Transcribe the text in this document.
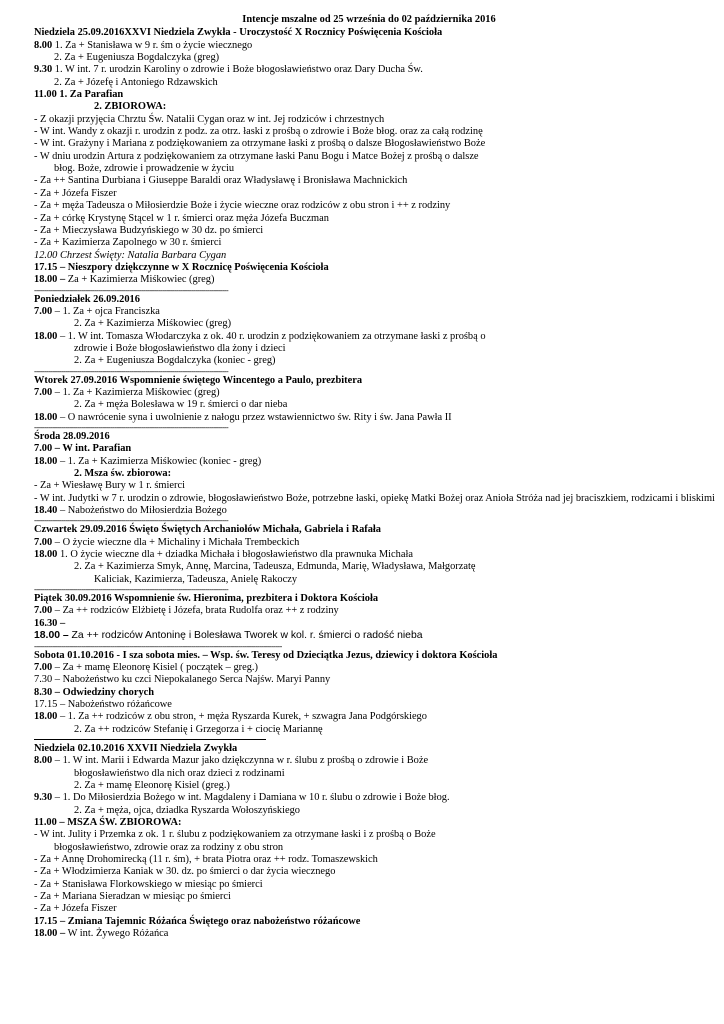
Intencje mszalne od 25 września do 02 października 2016
Niedziela 25.09.2016XXVI Niedziela Zwykła - Uroczystość X Rocznicy Poświęcenia Kościoła
8.00 1. Za + Stanisława w 9 r. śm o życie wiecznego
2. Za + Eugeniusza Bogdalczyka (greg)
9.30 1. W int. 7 r. urodzin Karoliny o zdrowie i Boże błogosławieństwo oraz Dary Ducha Św.
2. Za + Józefę i Antoniego Rdzawskich
11.00 1. Za Parafian
2. ZBIOROWA:
- Z okazji przyjęcia Chrztu Św. Natalii Cygan oraz w int. Jej rodziców i chrzestnych
- W int. Wandy z okazji r. urodzin z podz. za otrz. łaski z prośbą o zdrowie i Boże błog. oraz za całą rodzinę
- W int. Grażyny i Mariana z podziękowaniem za otrzymane łaski z prośbą o dalsze Błogosławieństwo Boże
- W dniu urodzin Artura z podziękowaniem za otrzymane łaski Panu Bogu i Matce Bożej z prośbą o dalsze
błog. Boże, zdrowie i prowadzenie w życiu
- Za ++ Santina Durbiana i Giuseppe Baraldi oraz Władysławę i Bronisława Machnickich
- Za + Józefa Fiszer
- Za + męża Tadeusza o Miłosierdzie Boże i życie wieczne oraz rodziców z obu stron i ++ z rodziny
- Za + córkę Krystynę Stącel w 1 r. śmierci oraz męża Józefa Buczman
- Za + Mieczysława Budzyńskiego w 30 dz. po śmierci
- Za + Kazimierza Zapolnego w 30 r. śmierci
12.00 Chrzest Święty: Natalia Barbara Cygan
17.15 – Nieszpory dziękczynne w X Rocznicę Poświęcenia Kościoła
18.00 – Za + Kazimierza Miśkowiec (greg)
----------------------------------------------------------------------------------------------
Poniedziałek 26.09.2016
7.00 – 1. Za + ojca Franciszka
2. Za + Kazimierza Miśkowiec (greg)
18.00 – 1. W int. Tomasza Włodarczyka z ok. 40 r. urodzin z podziękowaniem za otrzymane łaski z prośbą o
zdrowie i Boże błogosławieństwo dla żony i dzieci
2. Za + Eugeniusza Bogdalczyka (koniec - greg)
----------------------------------------------------------------------------------------------
Wtorek 27.09.2016 Wspomnienie świętego Wincentego a Paulo, prezbitera
7.00 – 1. Za + Kazimierza Miśkowiec (greg)
2. Za + męża Bolesława w 19 r. śmierci o dar nieba
18.00 – O nawrócenie syna i uwolnienie z nałogu przez wstawiennictwo św. Rity i św. Jana Pawła II
----------------------------------------------------------------------------------------------
Środa 28.09.2016
7.00 – W int. Parafian
18.00 – 1. Za + Kazimierza Miśkowiec (koniec - greg)
2. Msza św. zbiorowa:
- Za + Wiesławę Bury w 1 r. śmierci
- W int. Judytki w 7 r. urodzin o zdrowie, błogosławieństwo Boże, potrzebne łaski, opiekę Matki Bożej oraz Anioła Stróża nad jej braciszkiem, rodzicami i bliskimi
18.40 – Nabożeństwo do Miłosierdzia Bożego
----------------------------------------------------------------------------------------------
Czwartek 29.09.2016 Święto Świętych Archaniołów Michała, Gabriela i Rafała
7.00 – O życie wieczne dla + Michaliny i Michała Trembeckich
18.00 1. O życie wieczne dla + dziadka Michała i błogosławieństwo dla prawnuka Michała
2. Za + Kazimierza Smyk, Annę, Marcina, Tadeusza, Edmunda, Marię, Władysława, Małgorzatę
Kaliciak, Kazimierza, Tadeusza, Anielę Rakoczy
----------------------------------------------------------------------------------------------
Piątek 30.09.2016 Wspomnienie św. Hieronima, prezbitera i Doktora Kościoła
7.00 – Za ++ rodziców Elżbietę i Józefa, brata Rudolfa oraz ++ z rodziny
16.30 –
18.00 – Za ++ rodziców Antoninę i Bolesława Tworek w kol. r. śmierci o radość nieba
------------------------------------------------------------------------------------------------------------------------
Sobota 01.10.2016 - I sza sobota mies. – Wsp. św. Teresy od Dzieciątka Jezus, dziewicy i doktora Kościoła
7.00 – Za + mamę Eleonorę Kisiel ( początek – greg.)
7.30 – Nabożeństwo ku czci Niepokalanego Serca Najśw. Maryi Panny
8.30 – Odwiedziny chorych
17.15 – Nabożeństwo różańcowe
18.00 – 1. Za ++ rodziców z obu stron, + męża Ryszarda Kurek, + szwagra Jana Podgórskiego
2. Za ++ rodziców Stefanię i Grzegorza i + ciocię Mariannę
Niedziela 02.10.2016 XXVII Niedziela Zwykła
8.00 – 1. W int. Marii i Edwarda Mazur jako dziękczynna w r. ślubu z prośbą o zdrowie i Boże
błogosławieństwo dla nich oraz dzieci z rodzinami
2. Za + mamę Eleonorę Kisiel (greg.)
9.30 – 1. Do Miłosierdzia Bożego w int. Magdaleny i Damiana w 10 r. ślubu o zdrowie i Boże błog.
2. Za + męża, ojca, dziadka Ryszarda Wołoszyńskiego
11.00 – MSZA ŚW. ZBIOROWA:
- W int. Julity i Przemka z ok. 1 r. ślubu z podziękowaniem za otrzymane łaski i z prośbą o Boże
błogosławieństwo, zdrowie oraz za rodziny z obu stron
- Za + Annę Drohomirecką (11 r. śm), + brata Piotra oraz ++ rodz. Tomaszewskich
- Za + Włodzimierza Kaniak w 30. dz. po śmierci o dar życia wiecznego
- Za + Stanisława Florkowskiego w miesiąc po śmierci
- Za + Mariana Sieradzan w miesiąc po śmierci
- Za + Józefa Fiszer
17.15 – Zmiana Tajemnic Różańca Świętego oraz nabożeństwo różańcowe
18.00 – W int. Żywego Różańca
